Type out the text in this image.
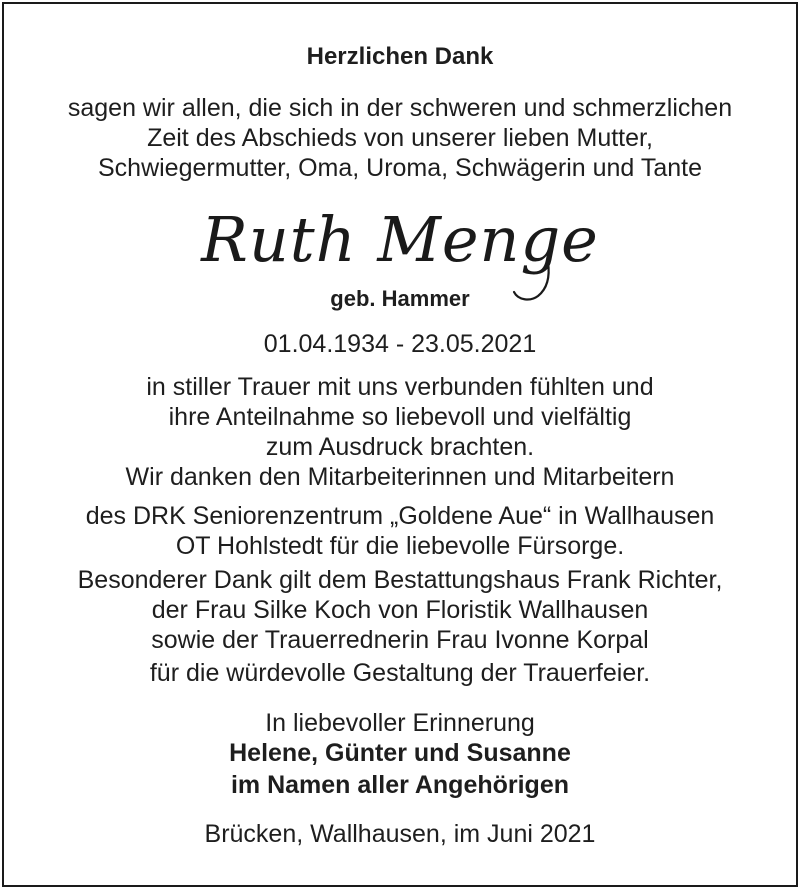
Herzlichen Dank
sagen wir allen, die sich in der schweren und schmerzlichen
Zeit des Abschieds von unserer lieben Mutter,
Schwiegermutter, Oma, Uroma, Schwägerin und Tante
Ruth Menge
geb. Hammer
01.04.1934 - 23.05.2021
in stiller Trauer mit uns verbunden fühlten und
ihre Anteilnahme so liebevoll und vielfältig
zum Ausdruck brachten.
Wir danken den Mitarbeiterinnen und Mitarbeitern
des DRK Seniorenzentrum „Goldene Aue“ in Wallhausen
OT Hohlstedt für die liebevolle Fürsorge.
Besonderer Dank gilt dem Bestattungshaus Frank Richter,
der Frau Silke Koch von Floristik Wallhausen
sowie der Trauerrednerin Frau Ivonne Korpal
für die würdevolle Gestaltung der Trauerfeier.
In liebevoller Erinnerung
Helene, Günter und Susanne
im Namen aller Angehörigen
Brücken, Wallhausen, im Juni 2021
